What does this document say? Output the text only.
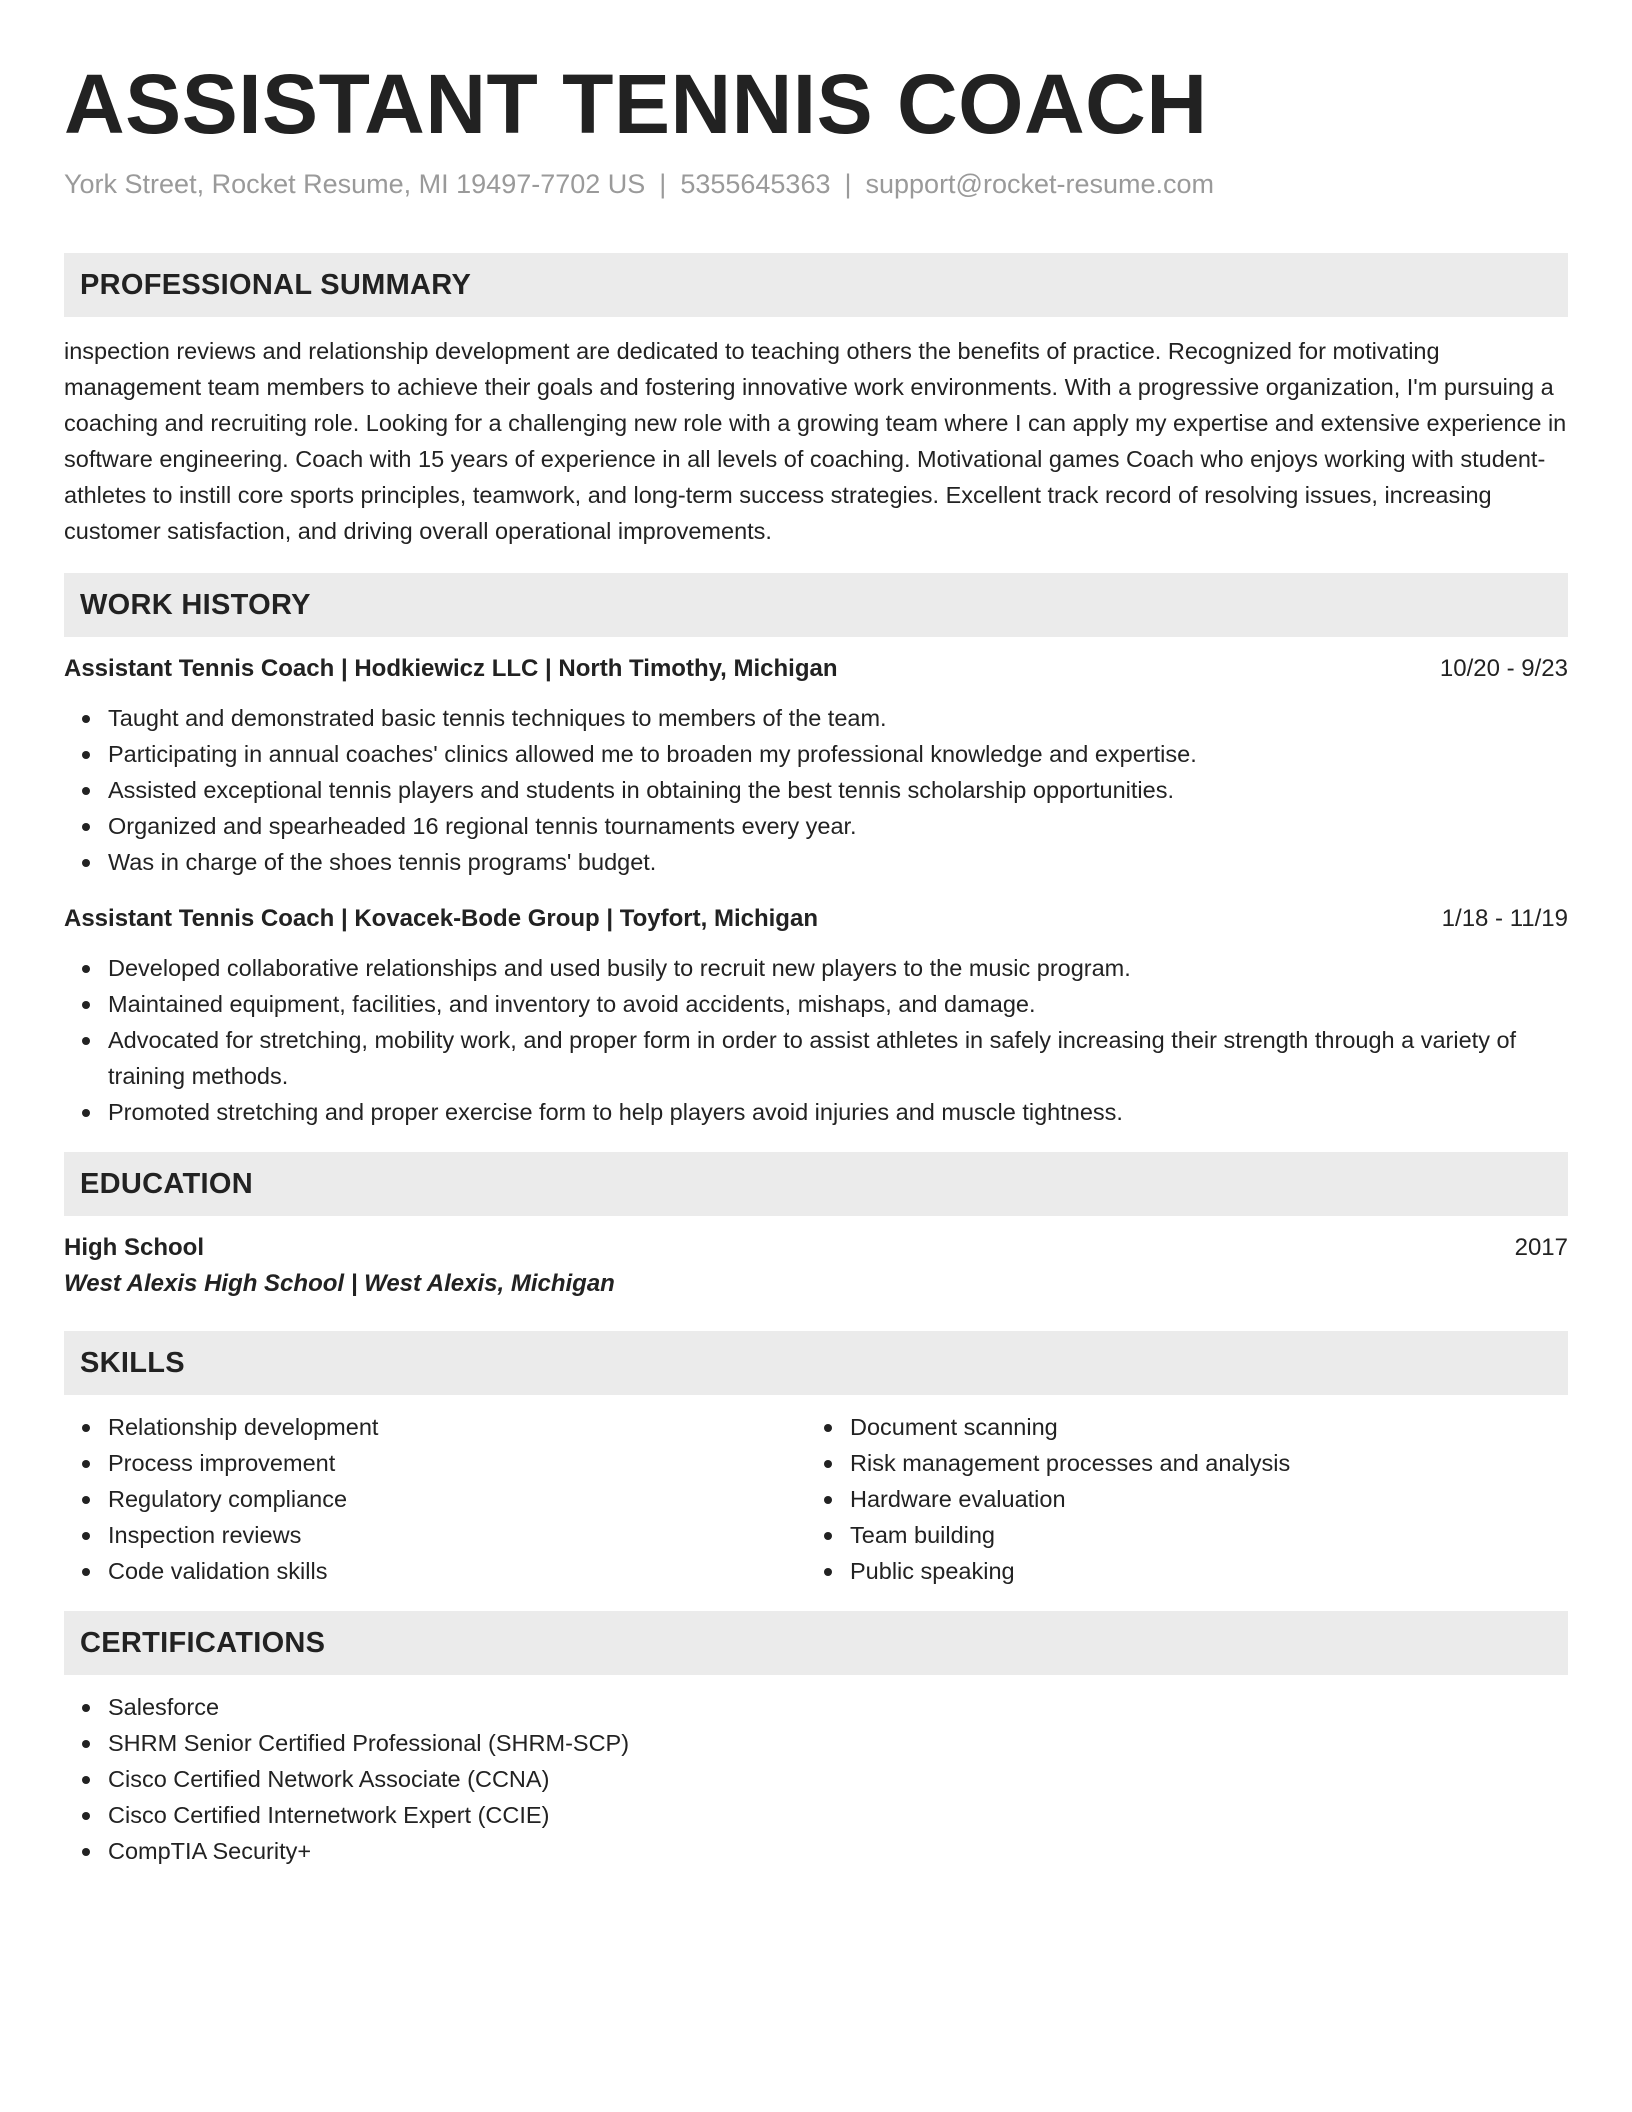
ASSISTANT TENNIS COACH
York Street, Rocket Resume, MI 19497-7702 US | 5355645363 | support@rocket-resume.com
PROFESSIONAL SUMMARY

inspection reviews and relationship development are dedicated to teaching others the benefits of practice. Recognized for motivating management team members to achieve their goals and fostering innovative work environments. With a progressive organization, I'm pursuing a coaching and recruiting role. Looking for a challenging new role with a growing team where I can apply my expertise and extensive experience in software engineering. Coach with 15 years of experience in all levels of coaching. Motivational games Coach who enjoys working with student-athletes to instill core sports principles, teamwork, and long-term success strategies. Excellent track record of resolving issues, increasing customer satisfaction, and driving overall operational improvements.

WORK HISTORY
Assistant Tennis Coach | Hodkiewicz LLC | North Timothy, Michigan	10/20 - 9/23
Taught and demonstrated basic tennis techniques to members of the team.
Participating in annual coaches' clinics allowed me to broaden my professional knowledge and expertise.
Assisted exceptional tennis players and students in obtaining the best tennis scholarship opportunities.
Organized and spearheaded 16 regional tennis tournaments every year.
Was in charge of the shoes tennis programs' budget.
Assistant Tennis Coach | Kovacek-Bode Group | Toyfort, Michigan	1/18 - 11/19
Developed collaborative relationships and used busily to recruit new players to the music program.
Maintained equipment, facilities, and inventory to avoid accidents, mishaps, and damage.
Advocated for stretching, mobility work, and proper form in order to assist athletes in safely increasing their strength through a variety of training methods.
Promoted stretching and proper exercise form to help players avoid injuries and muscle tightness.
EDUCATION
High School	2017
West Alexis High School | West Alexis, Michigan
SKILLS
Relationship development
Process improvement
Regulatory compliance
Inspection reviews
Code validation skills
Document scanning
Risk management processes and analysis
Hardware evaluation
Team building
Public speaking
CERTIFICATIONS
Salesforce
SHRM Senior Certified Professional (SHRM-SCP)
Cisco Certified Network Associate (CCNA)
Cisco Certified Internetwork Expert (CCIE)
CompTIA Security+
